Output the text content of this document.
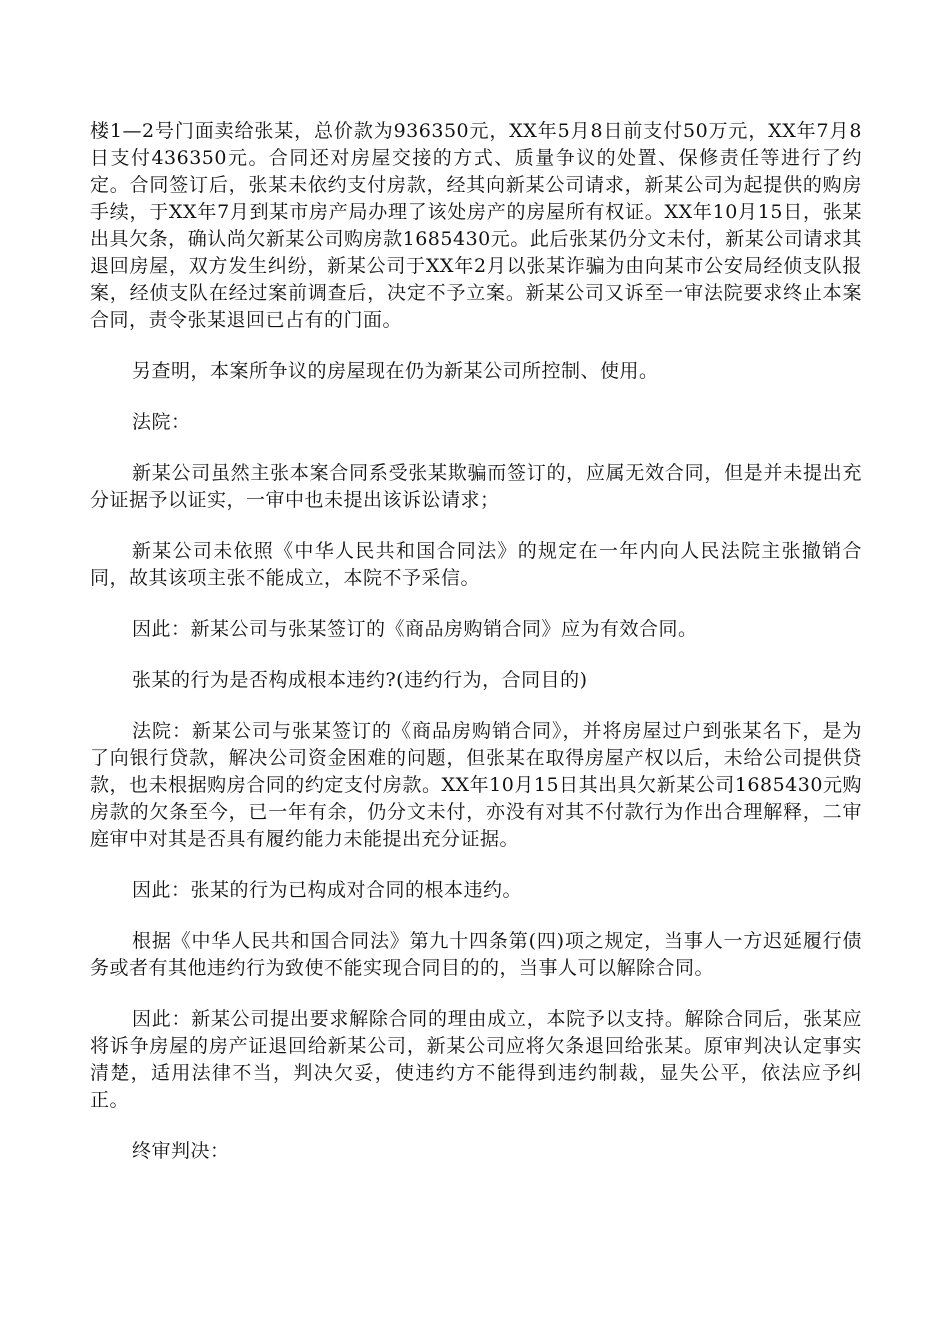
楼1—2号门面卖给张某，总价款为936350元，XX年5月8日前支付50万元，XX年7月8日支付436350元。合同还对房屋交接的方式、质量争议的处置、保修责任等进行了约定。合同签订后，张某未依约支付房款，经其向新某公司请求，新某公司为起提供的购房手续，于XX年7月到某市房产局办理了该处房产的房屋所有权证。XX年10月15日，张某出具欠条，确认尚欠新某公司购房款1685430元。此后张某仍分文未付，新某公司请求其退回房屋，双方发生纠纷，新某公司于XX年2月以张某诈骗为由向某市公安局经侦支队报案，经侦支队在经过案前调查后，决定不予立案。新某公司又诉至一审法院要求终止本案合同，责令张某退回已占有的门面。

另查明，本案所争议的房屋现在仍为新某公司所控制、使用。

法院：

新某公司虽然主张本案合同系受张某欺骗而签订的，应属无效合同，但是并未提出充分证据予以证实，一审中也未提出该诉讼请求；

新某公司未依照《中华人民共和国合同法》的规定在一年内向人民法院主张撤销合同，故其该项主张不能成立，本院不予采信。

因此：新某公司与张某签订的《商品房购销合同》应为有效合同。

张某的行为是否构成根本违约?(违约行为，合同目的)

法院：新某公司与张某签订的《商品房购销合同》，并将房屋过户到张某名下，是为了向银行贷款，解决公司资金困难的问题，但张某在取得房屋产权以后，未给公司提供贷款，也未根据购房合同的约定支付房款。XX年10月15日其出具欠新某公司1685430元购房款的欠条至今，已一年有余，仍分文未付，亦没有对其不付款行为作出合理解释，二审庭审中对其是否具有履约能力未能提出充分证据。

因此：张某的行为已构成对合同的根本违约。

根据《中华人民共和国合同法》第九十四条第(四)项之规定，当事人一方迟延履行债务或者有其他违约行为致使不能实现合同目的的，当事人可以解除合同。

因此：新某公司提出要求解除合同的理由成立，本院予以支持。解除合同后，张某应将诉争房屋的房产证退回给新某公司，新某公司应将欠条退回给张某。原审判决认定事实清楚，适用法律不当，判决欠妥，使违约方不能得到违约制裁，显失公平，依法应予纠正。

终审判决：
